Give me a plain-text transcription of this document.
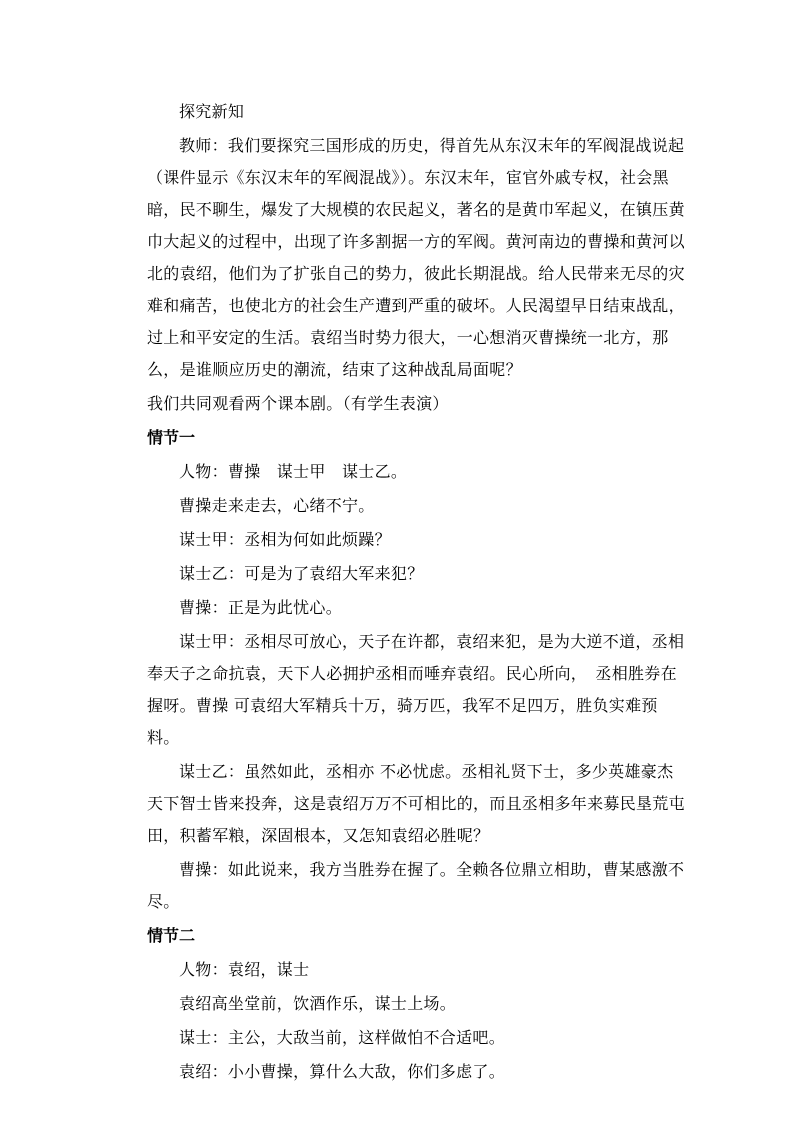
探究新知

教师：我们要探究三国形成的历史，得首先从东汉末年的军阀混战说起（课件显示《东汉末年的军阀混战》）。东汉末年，宦官外戚专权，社会黑暗，民不聊生，爆发了大规模的农民起义，著名的是黄巾军起义，在镇压黄巾大起义的过程中，出现了许多割据一方的军阀。黄河南边的曹操和黄河以北的袁绍，他们为了扩张自己的势力，彼此长期混战。给人民带来无尽的灾难和痛苦，也使北方的社会生产遭到严重的破坏。人民渴望早日结束战乱，过上和平安定的生活。袁绍当时势力很大，一心想消灭曹操统一北方，那么，是谁顺应历史的潮流，结束了这种战乱局面呢？

我们共同观看两个课本剧。（有学生表演）

情节一

人物：曹操　谋士甲　谋士乙。

曹操走来走去，心绪不宁。

谋士甲：丞相为何如此烦躁？

谋士乙：可是为了袁绍大军来犯？

曹操：正是为此忧心。

谋士甲：丞相尽可放心，天子在许都，袁绍来犯，是为大逆不道，丞相奉天子之命抗袁，天下人必拥护丞相而唾弃袁绍。民心所向，　丞相胜券在握呀。曹操 可袁绍大军精兵十万，骑万匹，我军不足四万，胜负实难预料。

谋士乙：虽然如此，丞相亦 不必忧虑。丞相礼贤下士，多少英雄豪杰天下智士皆来投奔，这是袁绍万万不可相比的，而且丞相多年来募民垦荒屯田，积蓄军粮，深固根本，又怎知袁绍必胜呢？

曹操：如此说来，我方当胜券在握了。全赖各位鼎立相助，曹某感激不尽。

情节二

人物：袁绍，谋士

袁绍高坐堂前，饮酒作乐，谋士上场。

谋士：主公，大敌当前，这样做怕不合适吧。

袁绍：小小曹操，算什么大敌，你们多虑了。
